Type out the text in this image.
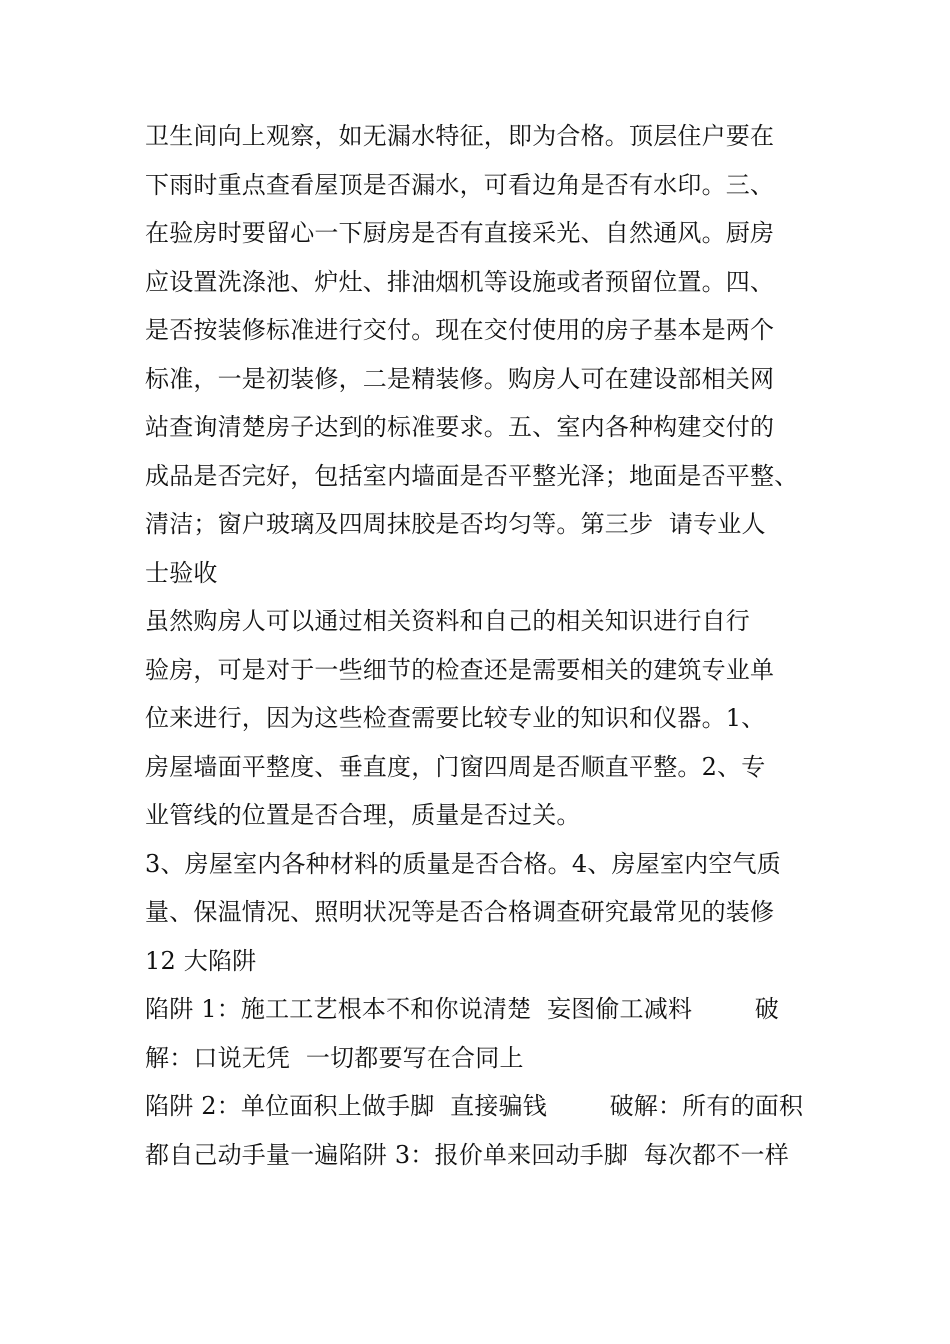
卫生间向上观察，如无漏水特征，即为合格。顶层住户要在
下雨时重点查看屋顶是否漏水，可看边角是否有水印。三、
在验房时要留心一下厨房是否有直接采光、自然通风。厨房
应设置洗涤池、炉灶、排油烟机等设施或者预留位置。四、
是否按装修标准进行交付。现在交付使用的房子基本是两个
标准，一是初装修，二是精装修。购房人可在建设部相关网
站查询清楚房子达到的标准要求。五、室内各种构建交付的
成品是否完好，包括室内墙面是否平整光泽；地面是否平整、
清洁；窗户玻璃及四周抹胶是否均匀等。第三步  请专业人
士验收
虽然购房人可以通过相关资料和自己的相关知识进行自行
验房，可是对于一些细节的检查还是需要相关的建筑专业单
位来进行，因为这些检查需要比较专业的知识和仪器。1、
房屋墙面平整度、垂直度，门窗四周是否顺直平整。2、专
业管线的位置是否合理，质量是否过关。
3、房屋室内各种材料的质量是否合格。4、房屋室内空气质
量、保温情况、照明状况等是否合格调查研究最常见的装修
12 大陷阱
陷阱 1：施工工艺根本不和你说清楚  妄图偷工减料        破
解：口说无凭  一切都要写在合同上
陷阱 2：单位面积上做手脚  直接骗钱        破解：所有的面积
都自己动手量一遍陷阱 3：报价单来回动手脚  每次都不一样
